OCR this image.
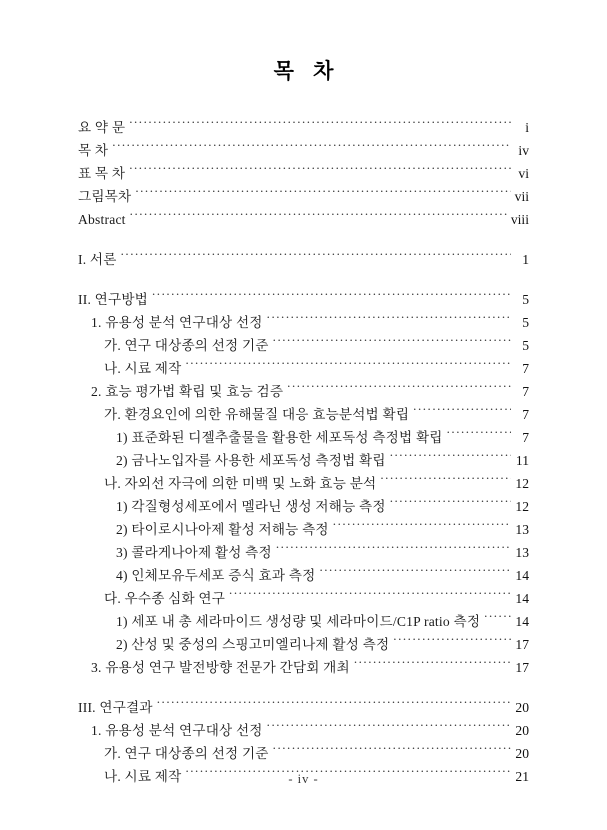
목 차
요 약 문 .....	i
목 차 .....	iv
표 목 차 .....	vi
그림목차 .....	vii
Abstract .....	viii
I. 서론 .....	1
II. 연구방법 .....	5
1. 유용성 분석 연구대상 선정 .....	5
가. 연구 대상종의 선정 기준 .....	5
나. 시료 제작 .....	7
2. 효능 평가법 확립 및 효능 검증 .....	7
가. 환경요인에 의한 유해물질 대응 효능분석법 확립 .....	7
1) 표준화된 디젤추출물을 활용한 세포독성 측정법 확립 .....	7
2) 금나노입자를 사용한 세포독성 측정법 확립 .....	11
나. 자외선 자극에 의한 미백 및 노화 효능 분석 .....	12
1) 각질형성세포에서 멜라닌 생성 저해능 측정 .....	12
2) 타이로시나아제 활성 저해능 측정 .....	13
3) 콜라게나아제 활성 측정 .....	13
4) 인체모유두세포 증식 효과 측정 .....	14
다. 우수종 심화 연구 .....	14
1) 세포 내 총 세라마이드 생성량 및 세라마이드/C1P ratio 측정 .....	14
2) 산성 및 중성의 스핑고미엘리나제 활성 측정 .....	17
3. 유용성 연구 발전방향 전문가 간담회 개최 .....	17
III. 연구결과 .....	20
1. 유용성 분석 연구대상 선정 .....	20
가. 연구 대상종의 선정 기준 .....	20
나. 시료 제작 .....	21
- iv -
